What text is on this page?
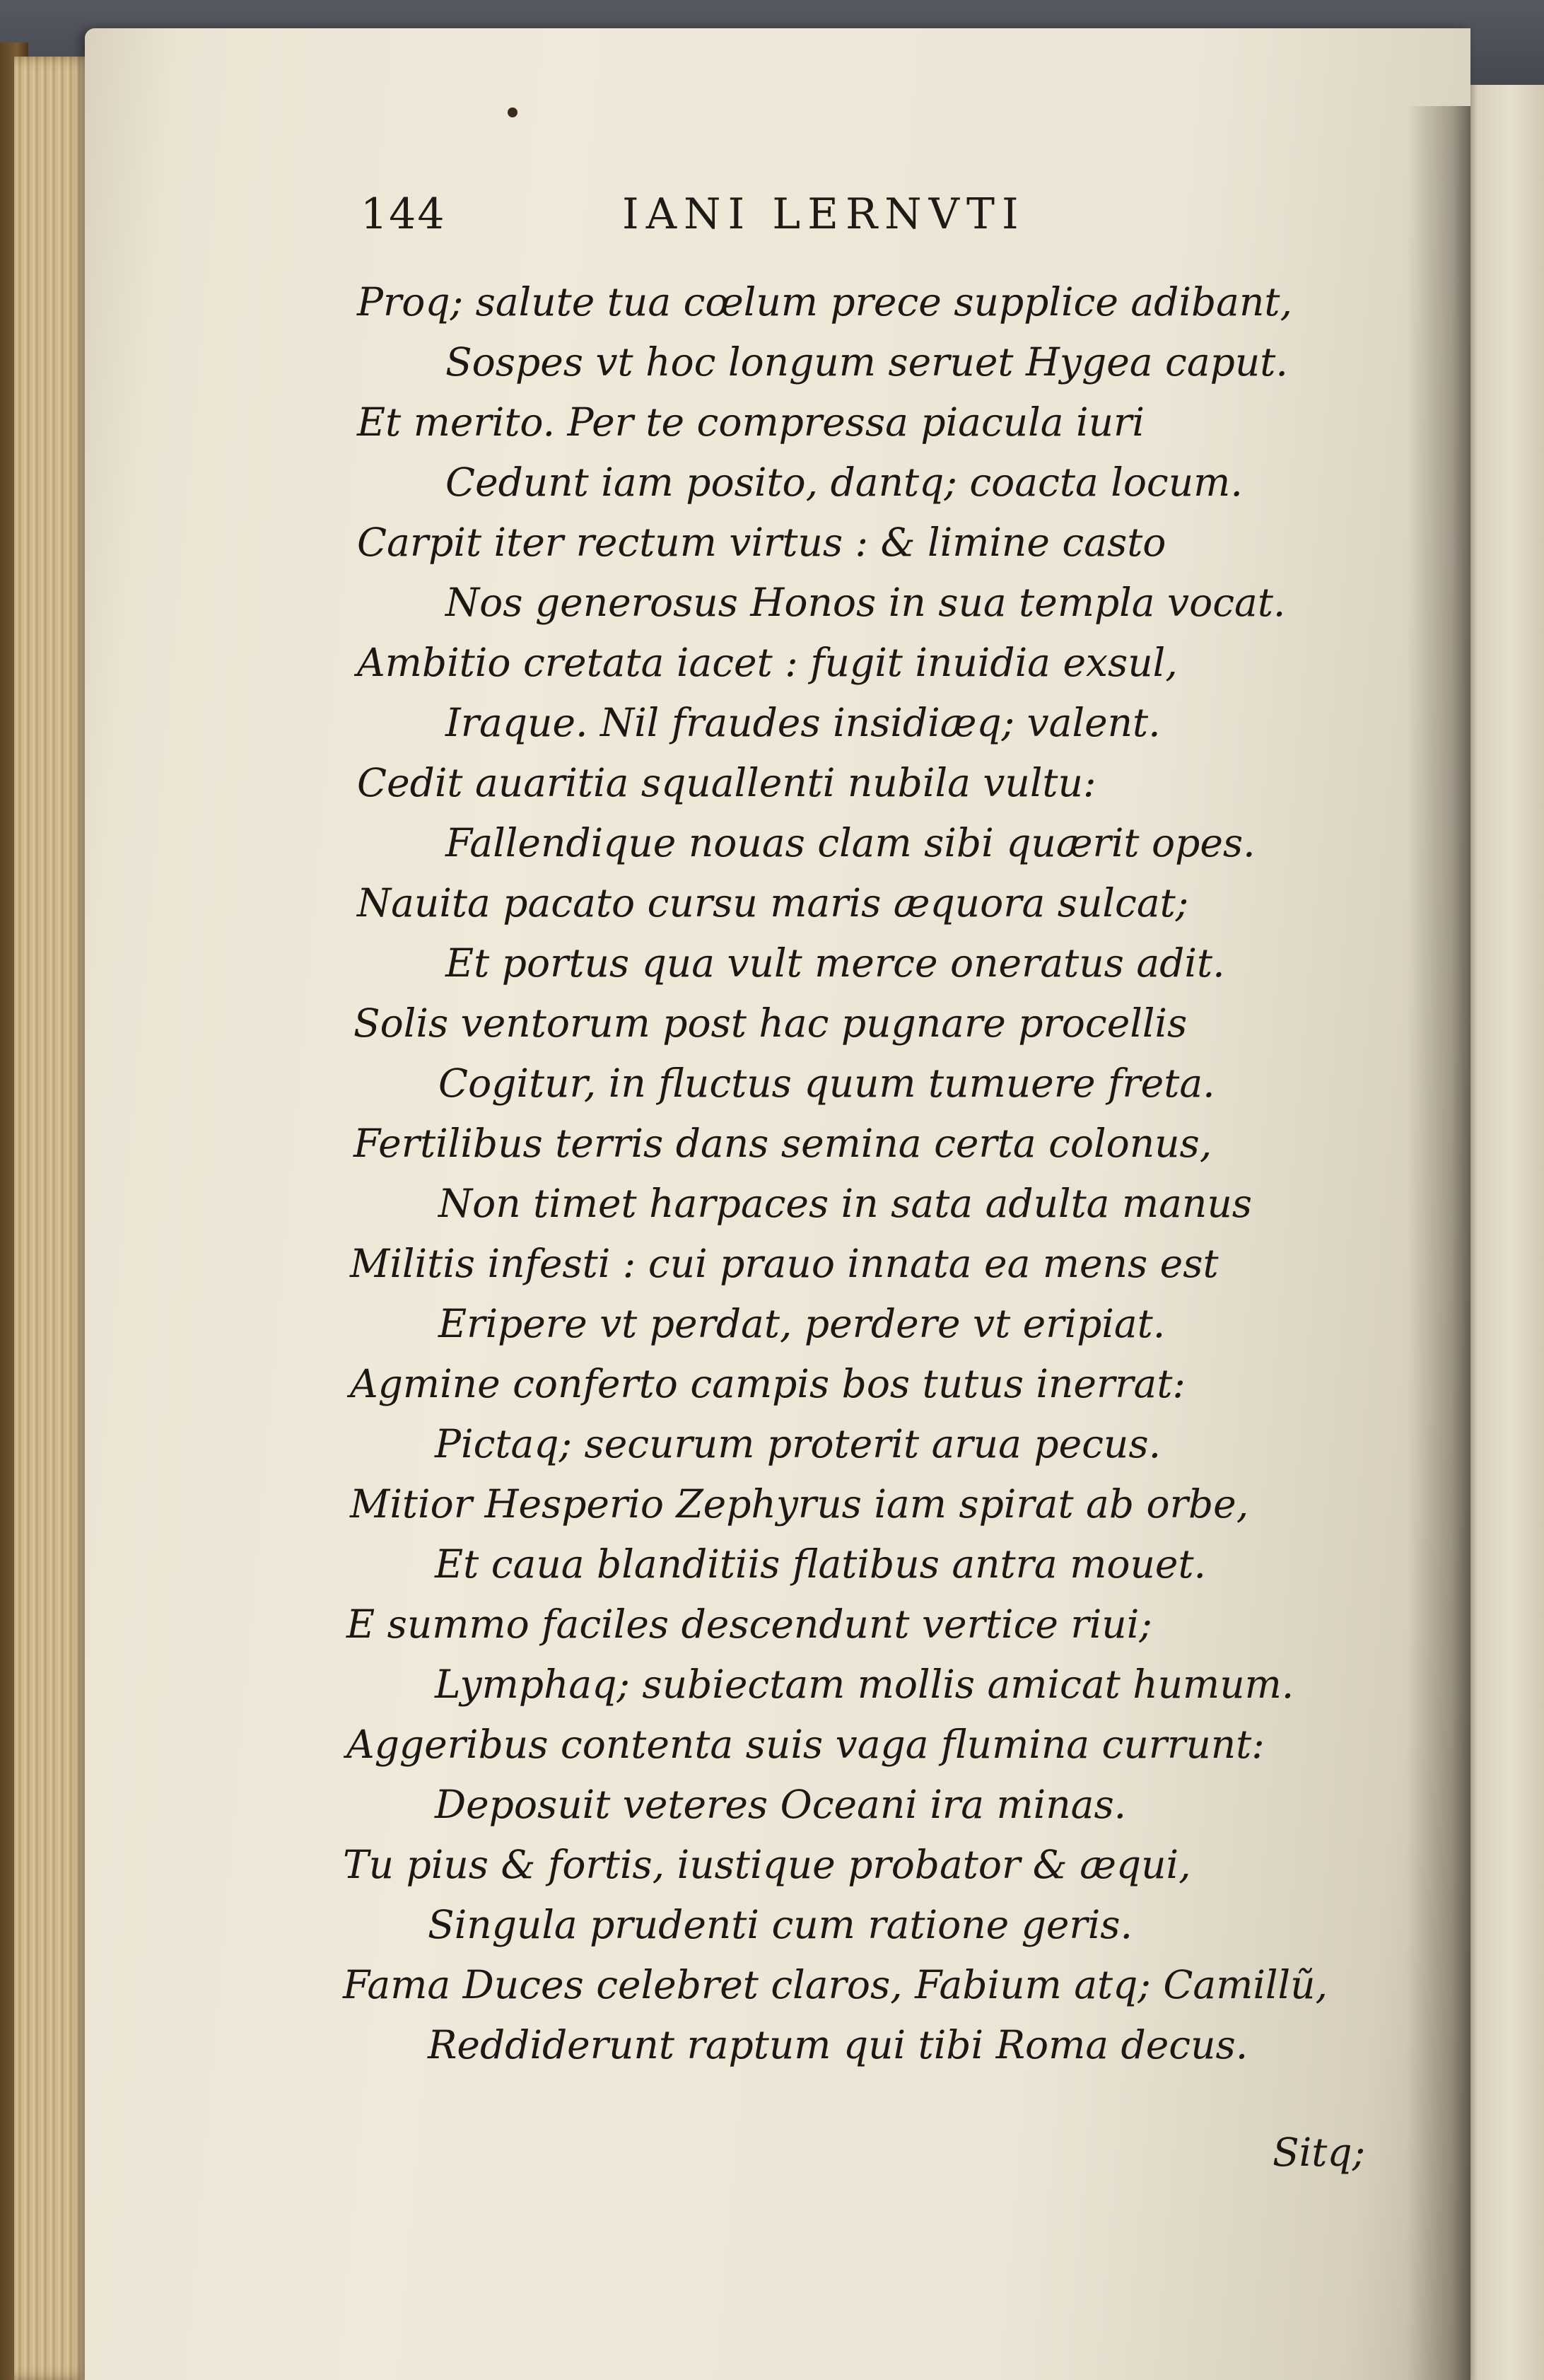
144	IANI LERNVTI
Proq; salute tua cœlum prece supplice adibant,
Sospes vt hoc longum seruet Hygea caput.
Et merito. Per te compressa piacula iuri
Cedunt iam posito, dantq; coacta locum.
Carpit iter rectum virtus : & limine casto
Nos generosus Honos in sua templa vocat.
Ambitio cretata iacet : fugit inuidia exsul,
Iraque. Nil fraudes insidiæq; valent.
Cedit auaritia squallenti nubila vultu:
Fallendique nouas clam sibi quærit opes.
Nauita pacato cursu maris æquora sulcat;
Et portus qua vult merce oneratus adit.
Solis ventorum post hac pugnare procellis
Cogitur, in fluctus quum tumuere freta.
Fertilibus terris dans semina certa colonus,
Non timet harpaces in sata adulta manus
Militis infesti : cui prauo innata ea mens est
Eripere vt perdat, perdere vt eripiat.
Agmine conferto campis bos tutus inerrat:
Pictaq; securum proterit arua pecus.
Mitior Hesperio Zephyrus iam spirat ab orbe,
Et caua blanditiis flatibus antra mouet.
E summo faciles descendunt vertice riui;
Lymphaq; subiectam mollis amicat humum.
Aggeribus contenta suis vaga flumina currunt:
Deposuit veteres Oceani ira minas.
Tu pius & fortis, iustique probator & æqui,
Singula prudenti cum ratione geris.
Fama Duces celebret claros, Fabium atq; Camillũ,
Reddiderunt raptum qui tibi Roma decus.
Sitq;
